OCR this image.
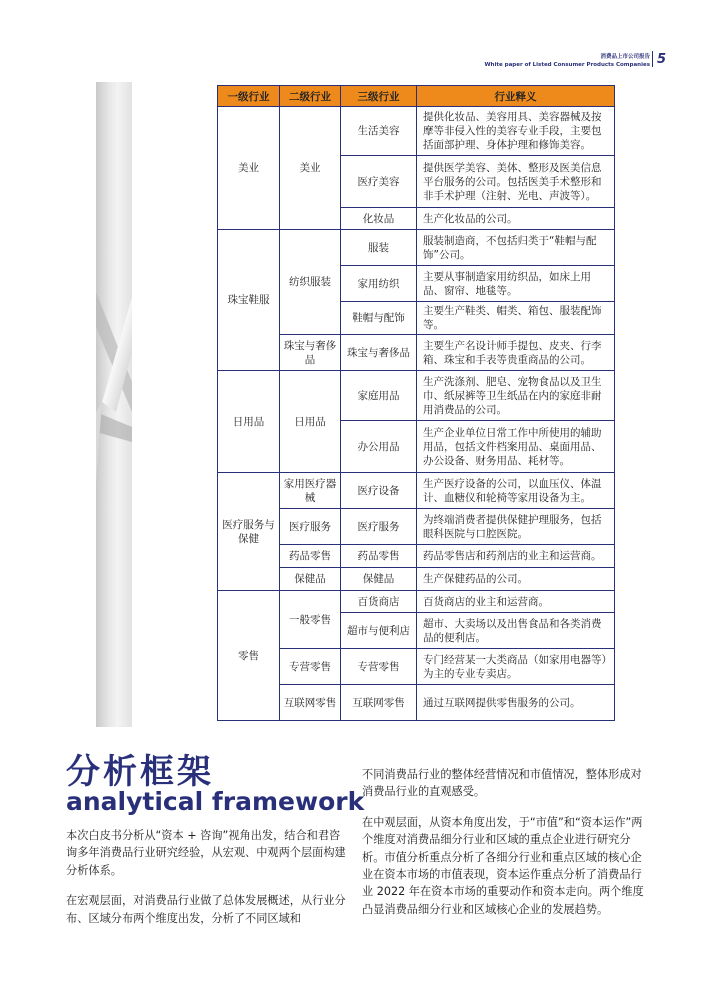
消费品上市公司报告
White paper of Listed Consumer Products Companies 5
一级行业	二级行业	三级行业	行业释义
美业	美业	生活美容	提供化妆品、美容用具、美容器械及按摩等非侵入性的美容专业手段，主要包括面部护理、身体护理和修饰美容。
		医疗美容	提供医学美容、美体、整形及医美信息平台服务的公司。包括医美手术整形和非手术护理（注射、光电、声波等）。
		化妆品	生产化妆品的公司。
珠宝鞋服	纺织服装	服装	服装制造商，不包括归类于“鞋帽与配饰”公司。
		家用纺织	主要从事制造家用纺织品，如床上用品、窗帘、地毯等。
		鞋帽与配饰	主要生产鞋类、帽类、箱包、服装配饰等。
	珠宝与奢侈品	珠宝与奢侈品	主要生产名设计师手提包、皮夹、行李箱、珠宝和手表等贵重商品的公司。
日用品	日用品	家庭用品	生产洗涤剂、肥皂、宠物食品以及卫生巾、纸尿裤等卫生纸品在内的家庭非耐用消费品的公司。
		办公用品	生产企业单位日常工作中所使用的辅助用品，包括文件档案用品、桌面用品、办公设备、财务用品、耗材等。
医疗服务与保健	家用医疗器械	医疗设备	生产医疗设备的公司，以血压仪、体温计、血糖仪和轮椅等家用设备为主。
	医疗服务	医疗服务	为终端消费者提供保健护理服务，包括眼科医院与口腔医院。
	药品零售	药品零售	药品零售店和药剂店的业主和运营商。
	保健品	保健品	生产保健药品的公司。
零售	一般零售	百货商店	百货商店的业主和运营商。
		超市与便利店	超市、大卖场以及出售食品和各类消费品的便利店。
	专营零售	专营零售	专门经营某一大类商品（如家用电器等）为主的专业专卖店。
	互联网零售	互联网零售	通过互联网提供零售服务的公司。
分析框架
analytical framework

本次白皮书分析从“资本 + 咨询”视角出发，结合和君咨询多年消费品行业研究经验，从宏观、中观两个层面构建分析体系。

在宏观层面，对消费品行业做了总体发展概述，从行业分布、区域分布两个维度出发，分析了不同区域和

不同消费品行业的整体经营情况和市值情况，整体形成对消费品行业的直观感受。

在中观层面，从资本角度出发，于“市值”和“资本运作”两个维度对消费品细分行业和区域的重点企业进行研究分析。市值分析重点分析了各细分行业和重点区域的核心企业在资本市场的市值表现，资本运作重点分析了消费品行业 2022 年在资本市场的重要动作和资本走向。两个维度凸显消费品细分行业和区域核心企业的发展趋势。
